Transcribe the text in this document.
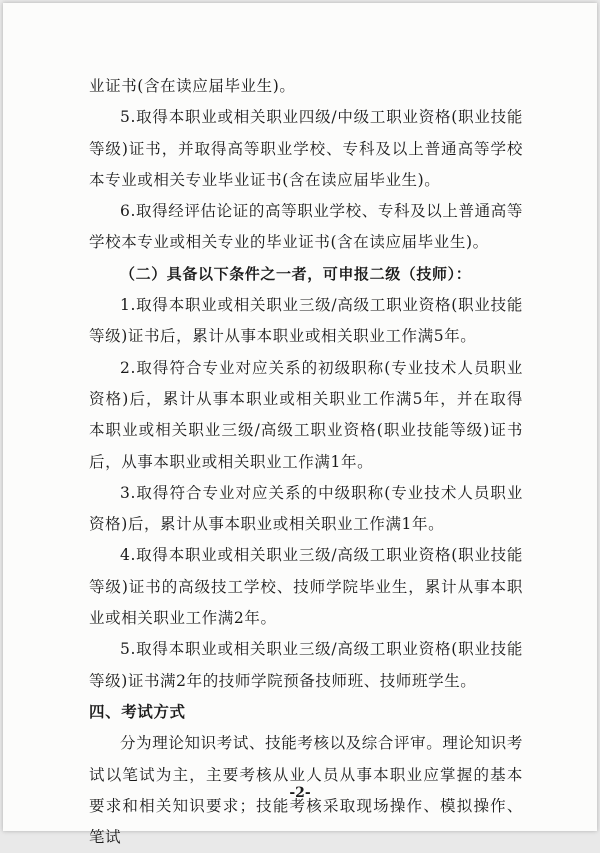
业证书(含在读应届毕业生)。

5.取得本职业或相关职业四级/中级工职业资格(职业技能等级)证书，并取得高等职业学校、专科及以上普通高等学校本专业或相关专业毕业证书(含在读应届毕业生)。

6.取得经评估论证的高等职业学校、专科及以上普通高等学校本专业或相关专业的毕业证书(含在读应届毕业生)。

（二）具备以下条件之一者，可申报二级（技师）：

1.取得本职业或相关职业三级/高级工职业资格(职业技能等级)证书后，累计从事本职业或相关职业工作满5年。

2.取得符合专业对应关系的初级职称(专业技术人员职业资格)后，累计从事本职业或相关职业工作满5年，并在取得本职业或相关职业三级/高级工职业资格(职业技能等级)证书后，从事本职业或相关职业工作满1年。

3.取得符合专业对应关系的中级职称(专业技术人员职业资格)后，累计从事本职业或相关职业工作满1年。

4.取得本职业或相关职业三级/高级工职业资格(职业技能等级)证书的高级技工学校、技师学院毕业生，累计从事本职业或相关职业工作满2年。

5.取得本职业或相关职业三级/高级工职业资格(职业技能等级)证书满2年的技师学院预备技师班、技师班学生。

四、考试方式

分为理论知识考试、技能考核以及综合评审。理论知识考试以笔试为主，主要考核从业人员从事本职业应掌握的基本要求和相关知识要求；技能考核采取现场操作、模拟操作、笔试

-2-
